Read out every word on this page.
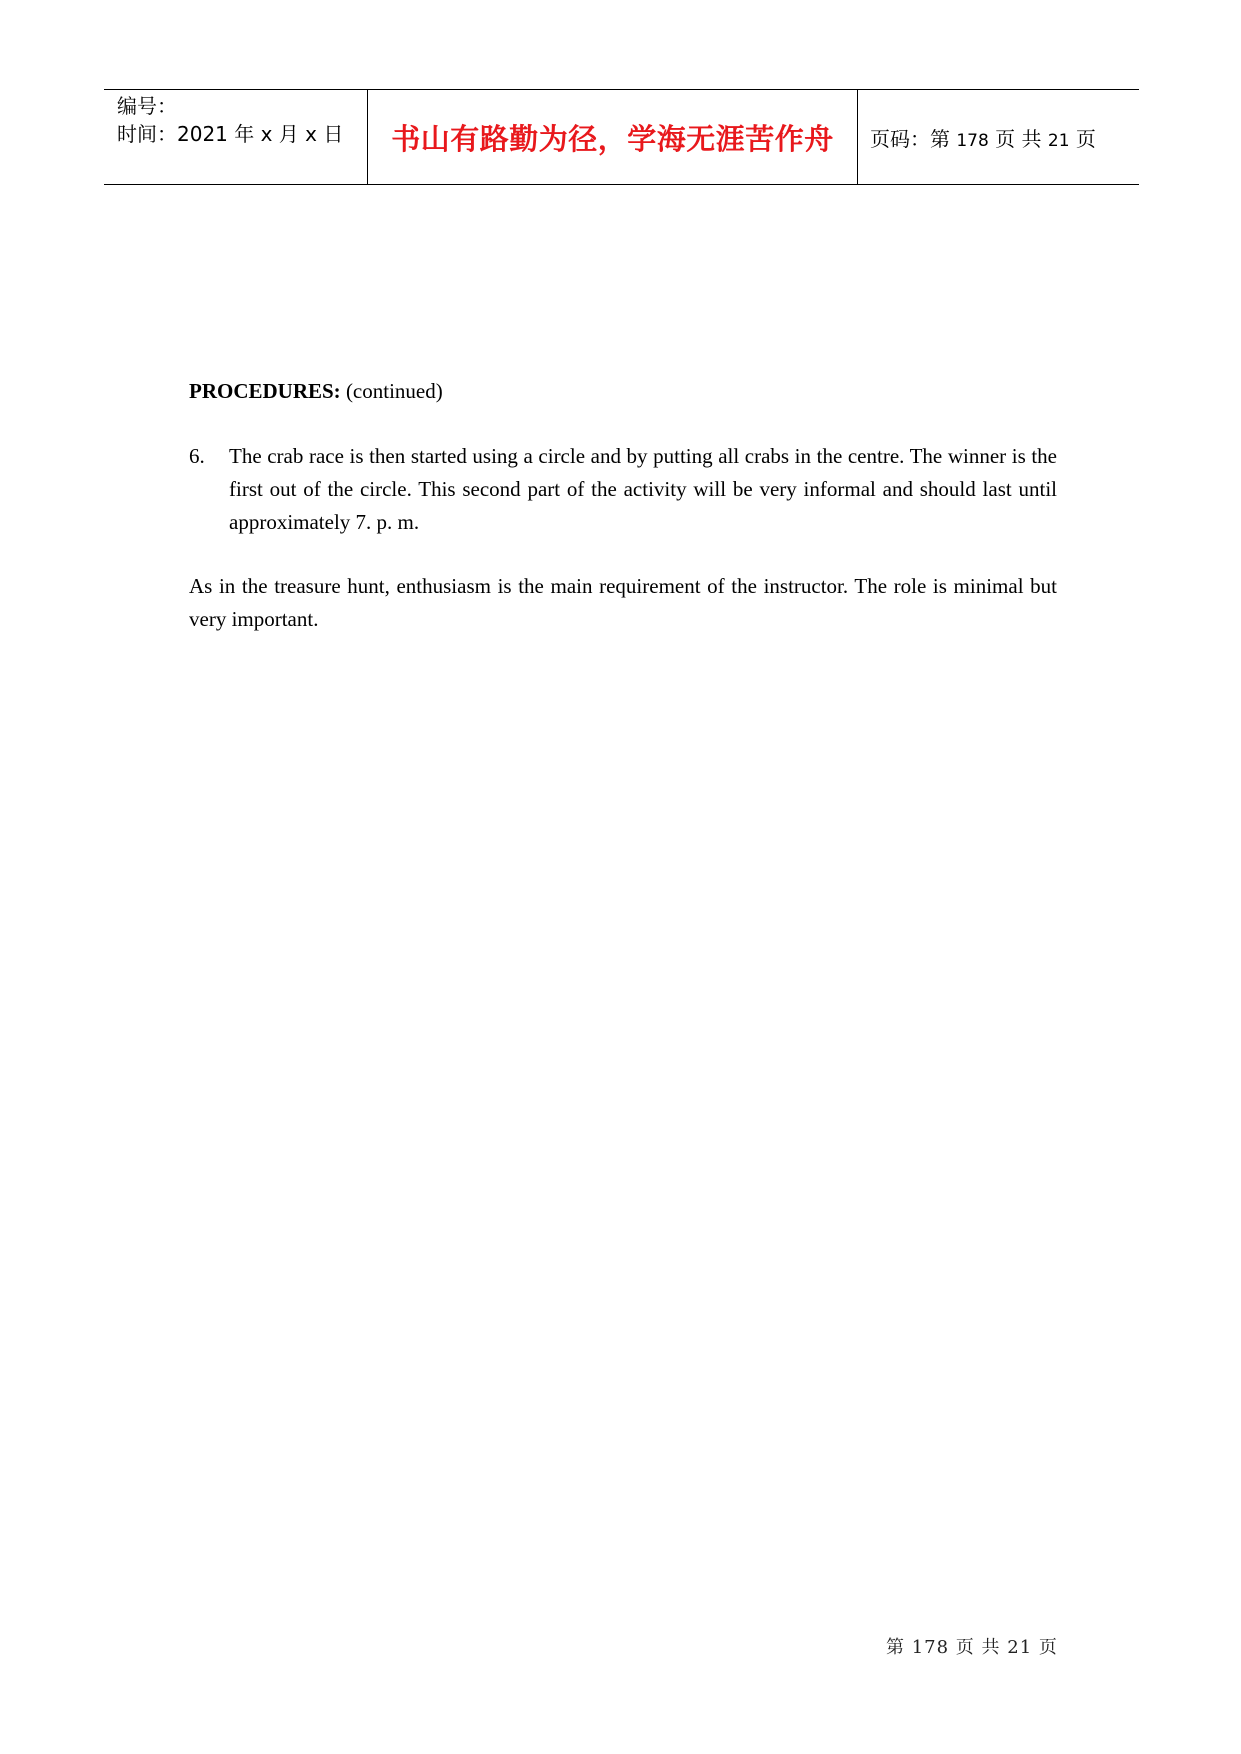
编号：
时间：2021 年 x 月 x 日	书山有路勤为径，学海无涯苦作舟 页码：第 178 页 共 21 页
PROCEDURES: (continued)
6.	The crab race is then started using a circle and by putting all crabs in the centre. The winner is the first out of the circle. This second part of the activity will be very informal and should last until approximately 7. p. m.
As in the treasure hunt, enthusiasm is the main requirement of the instructor. The role is minimal but very important.
第 178 页 共 21 页
